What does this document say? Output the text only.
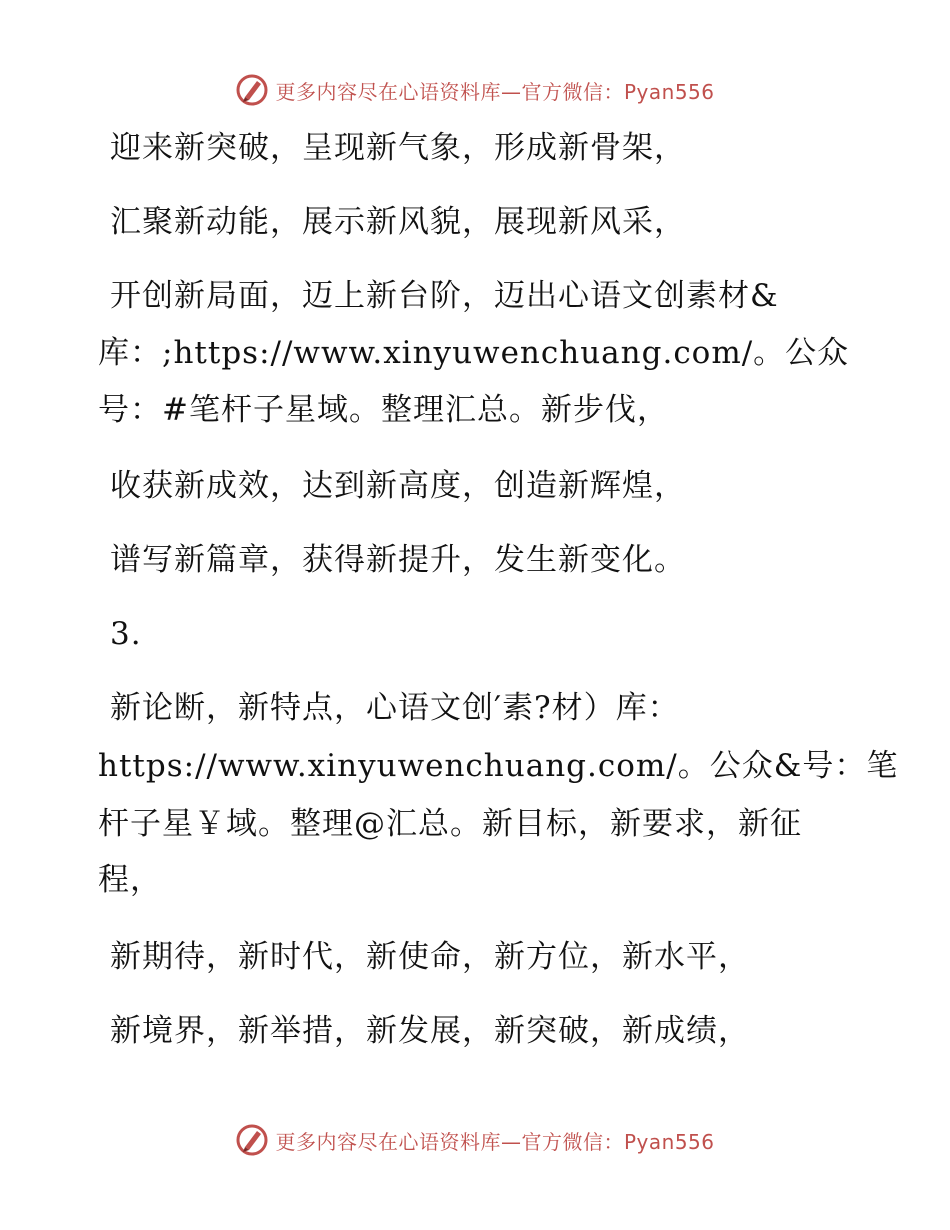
更多内容尽在心语资料库—官方微信：Pyan556
迎来新突破，呈现新气象，形成新骨架，
汇聚新动能，展示新风貌，展现新风采，
开创新局面，迈上新台阶，迈出心语文创素材&
库：;https://www.xinyuwenchuang.com/。公众
号：#笔杆子星域。整理汇总。新步伐，
收获新成效，达到新高度，创造新辉煌，
谱写新篇章，获得新提升，发生新变化。
3.
新论断，新特点，心语文创′素?材）库：
https://www.xinyuwenchuang.com/。公众&号：笔
杆子星￥域。整理@汇总。新目标，新要求，新征
程，
新期待，新时代，新使命，新方位，新水平，
新境界，新举措，新发展，新突破，新成绩，
更多内容尽在心语资料库—官方微信：Pyan556
